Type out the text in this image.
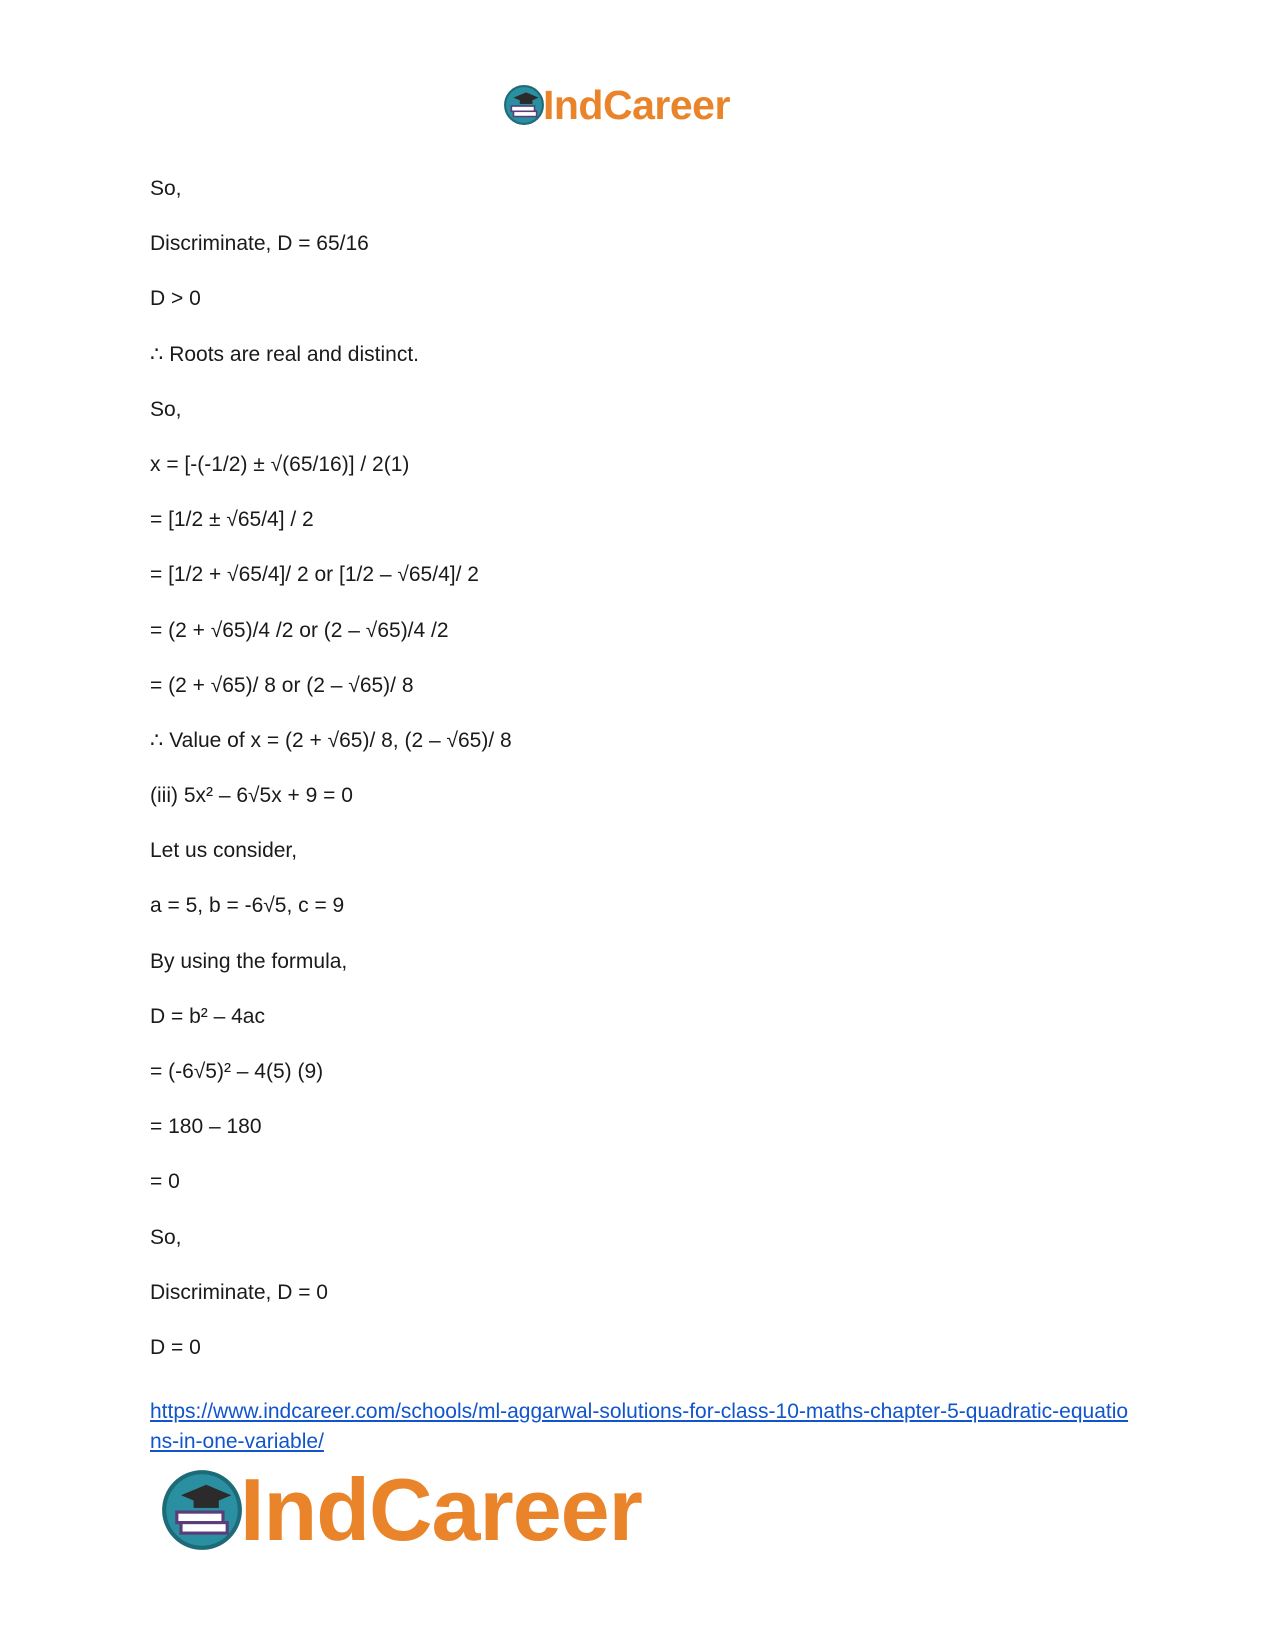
IndCareer
So,
Discriminate, D = 65/16
D > 0
∴ Roots are real and distinct.
So,
x = [-(-1/2) ± √(65/16)] / 2(1)
= [1/2 ± √65/4] / 2
= [1/2 + √65/4]/ 2 or [1/2 – √65/4]/ 2
= (2 + √65)/4 /2 or (2 – √65)/4 /2
= (2 + √65)/ 8 or (2 – √65)/ 8
∴ Value of x = (2 + √65)/ 8, (2 – √65)/ 8
(iii) 5x² – 6√5x + 9 = 0
Let us consider,
a = 5, b = -6√5, c = 9
By using the formula,
D = b² – 4ac
= (-6√5)² – 4(5) (9)
= 180 – 180
= 0
So,
Discriminate, D = 0
D = 0
https://www.indcareer.com/schools/ml-aggarwal-solutions-for-class-10-maths-chapter-5-quadratic-equations-in-one-variable/
IndCareer
